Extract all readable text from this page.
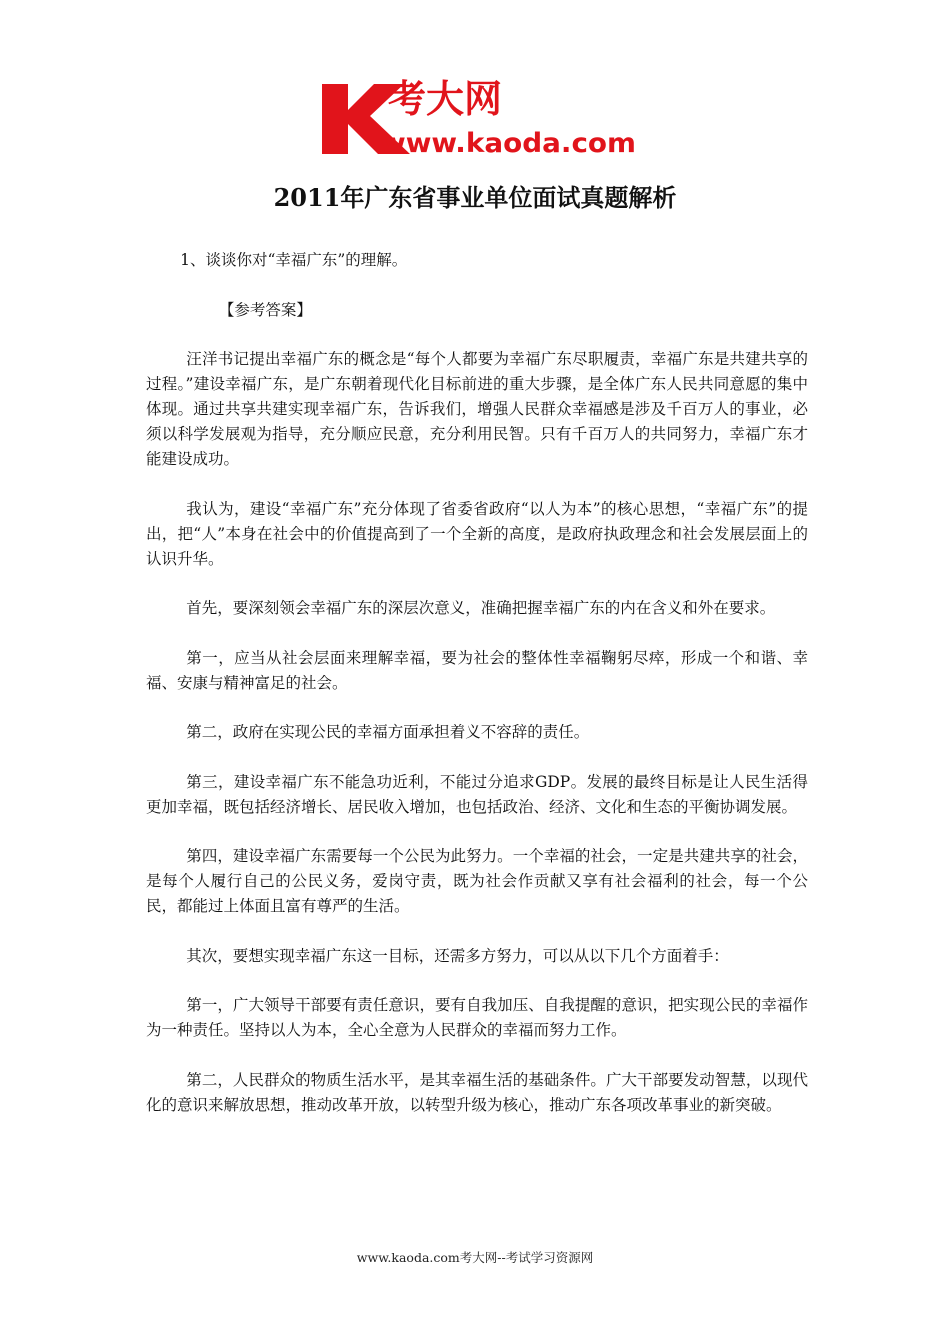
考大网
www.kaoda.com
2011年广东省事业单位面试真题解析

1、谈谈你对“幸福广东”的理解。

【参考答案】

汪洋书记提出幸福广东的概念是“每个人都要为幸福广东尽职履责，幸福广东是共建共享的过程。”建设幸福广东，是广东朝着现代化目标前进的重大步骤，是全体广东人民共同意愿的集中体现。通过共享共建实现幸福广东，告诉我们，增强人民群众幸福感是涉及千百万人的事业，必须以科学发展观为指导，充分顺应民意，充分利用民智。只有千百万人的共同努力，幸福广东才能建设成功。

我认为，建设“幸福广东”充分体现了省委省政府“以人为本”的核心思想，“幸福广东”的提出，把“人”本身在社会中的价值提高到了一个全新的高度，是政府执政理念和社会发展层面上的认识升华。

首先，要深刻领会幸福广东的深层次意义，准确把握幸福广东的内在含义和外在要求。

第一，应当从社会层面来理解幸福，要为社会的整体性幸福鞠躬尽瘁，形成一个和谐、幸福、安康与精神富足的社会。

第二，政府在实现公民的幸福方面承担着义不容辞的责任。

第三，建设幸福广东不能急功近利，不能过分追求GDP。发展的最终目标是让人民生活得更加幸福，既包括经济增长、居民收入增加，也包括政治、经济、文化和生态的平衡协调发展。

第四，建设幸福广东需要每一个公民为此努力。一个幸福的社会，一定是共建共享的社会，是每个人履行自己的公民义务，爱岗守责，既为社会作贡献又享有社会福利的社会，每一个公民，都能过上体面且富有尊严的生活。

其次，要想实现幸福广东这一目标，还需多方努力，可以从以下几个方面着手：

第一，广大领导干部要有责任意识，要有自我加压、自我提醒的意识，把实现公民的幸福作为一种责任。坚持以人为本，全心全意为人民群众的幸福而努力工作。

第二，人民群众的物质生活水平，是其幸福生活的基础条件。广大干部要发动智慧，以现代化的意识来解放思想，推动改革开放，以转型升级为核心，推动广东各项改革事业的新突破。

www.kaoda.com考大网--考试学习资源网
